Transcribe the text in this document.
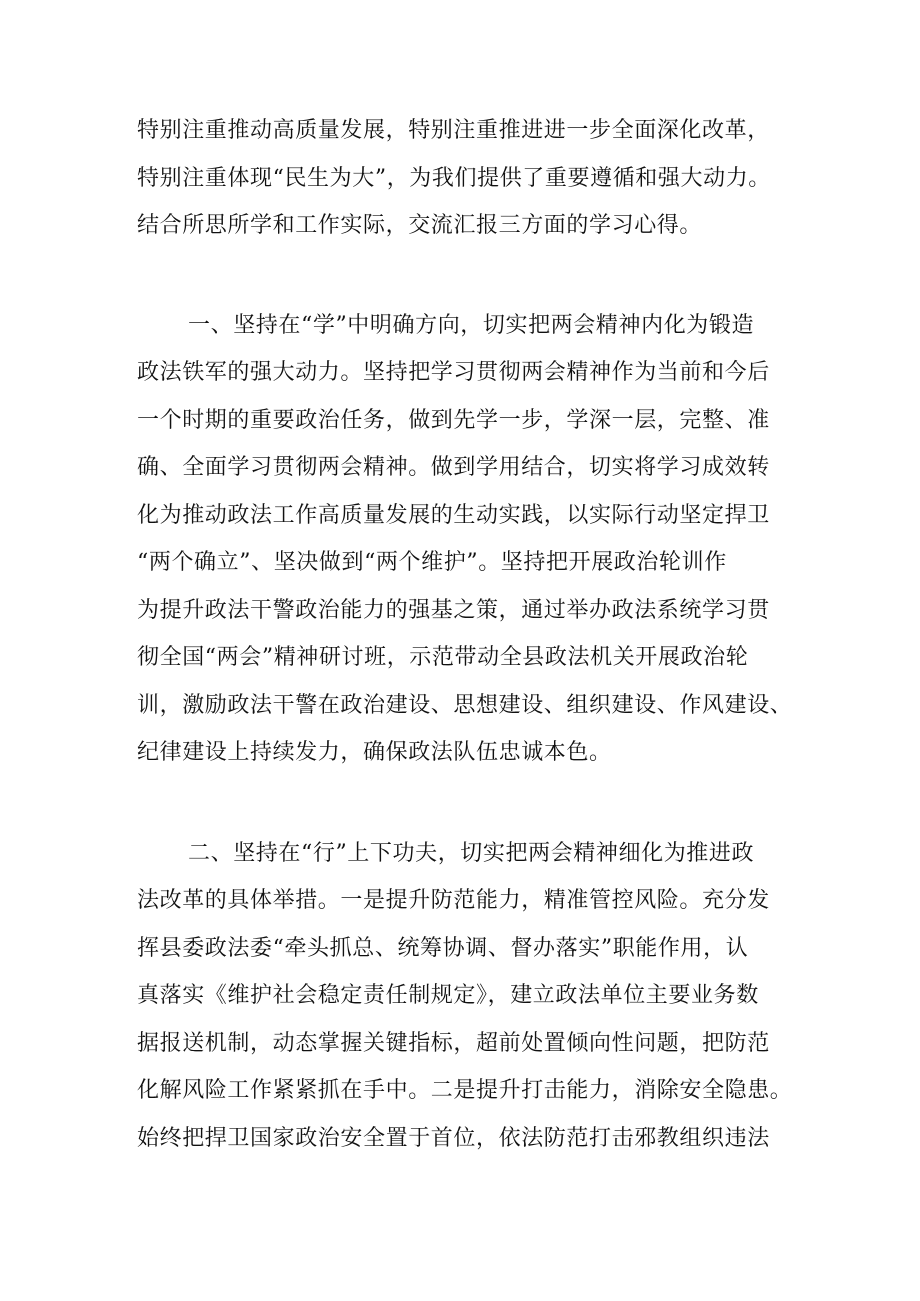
特别注重推动高质量发展，特别注重推进进一步全面深化改革，
特别注重体现“民生为大”，为我们提供了重要遵循和强大动力。
结合所思所学和工作实际，交流汇报三方面的学习心得。
一、坚持在“学”中明确方向，切实把两会精神内化为锻造
政法铁军的强大动力。坚持把学习贯彻两会精神作为当前和今后
一个时期的重要政治任务，做到先学一步，学深一层，完整、准
确、全面学习贯彻两会精神。做到学用结合，切实将学习成效转
化为推动政法工作高质量发展的生动实践，以实际行动坚定捍卫
“两个确立”、坚决做到“两个维护”。坚持把开展政治轮训作
为提升政法干警政治能力的强基之策，通过举办政法系统学习贯
彻全国“两会”精神研讨班，示范带动全县政法机关开展政治轮
训，激励政法干警在政治建设、思想建设、组织建设、作风建设、
纪律建设上持续发力，确保政法队伍忠诚本色。
二、坚持在“行”上下功夫，切实把两会精神细化为推进政
法改革的具体举措。一是提升防范能力，精准管控风险。充分发
挥县委政法委“牵头抓总、统筹协调、督办落实”职能作用，认
真落实《维护社会稳定责任制规定》，建立政法单位主要业务数
据报送机制，动态掌握关键指标，超前处置倾向性问题，把防范
化解风险工作紧紧抓在手中。二是提升打击能力，消除安全隐患。
始终把捍卫国家政治安全置于首位，依法防范打击邪教组织违法
